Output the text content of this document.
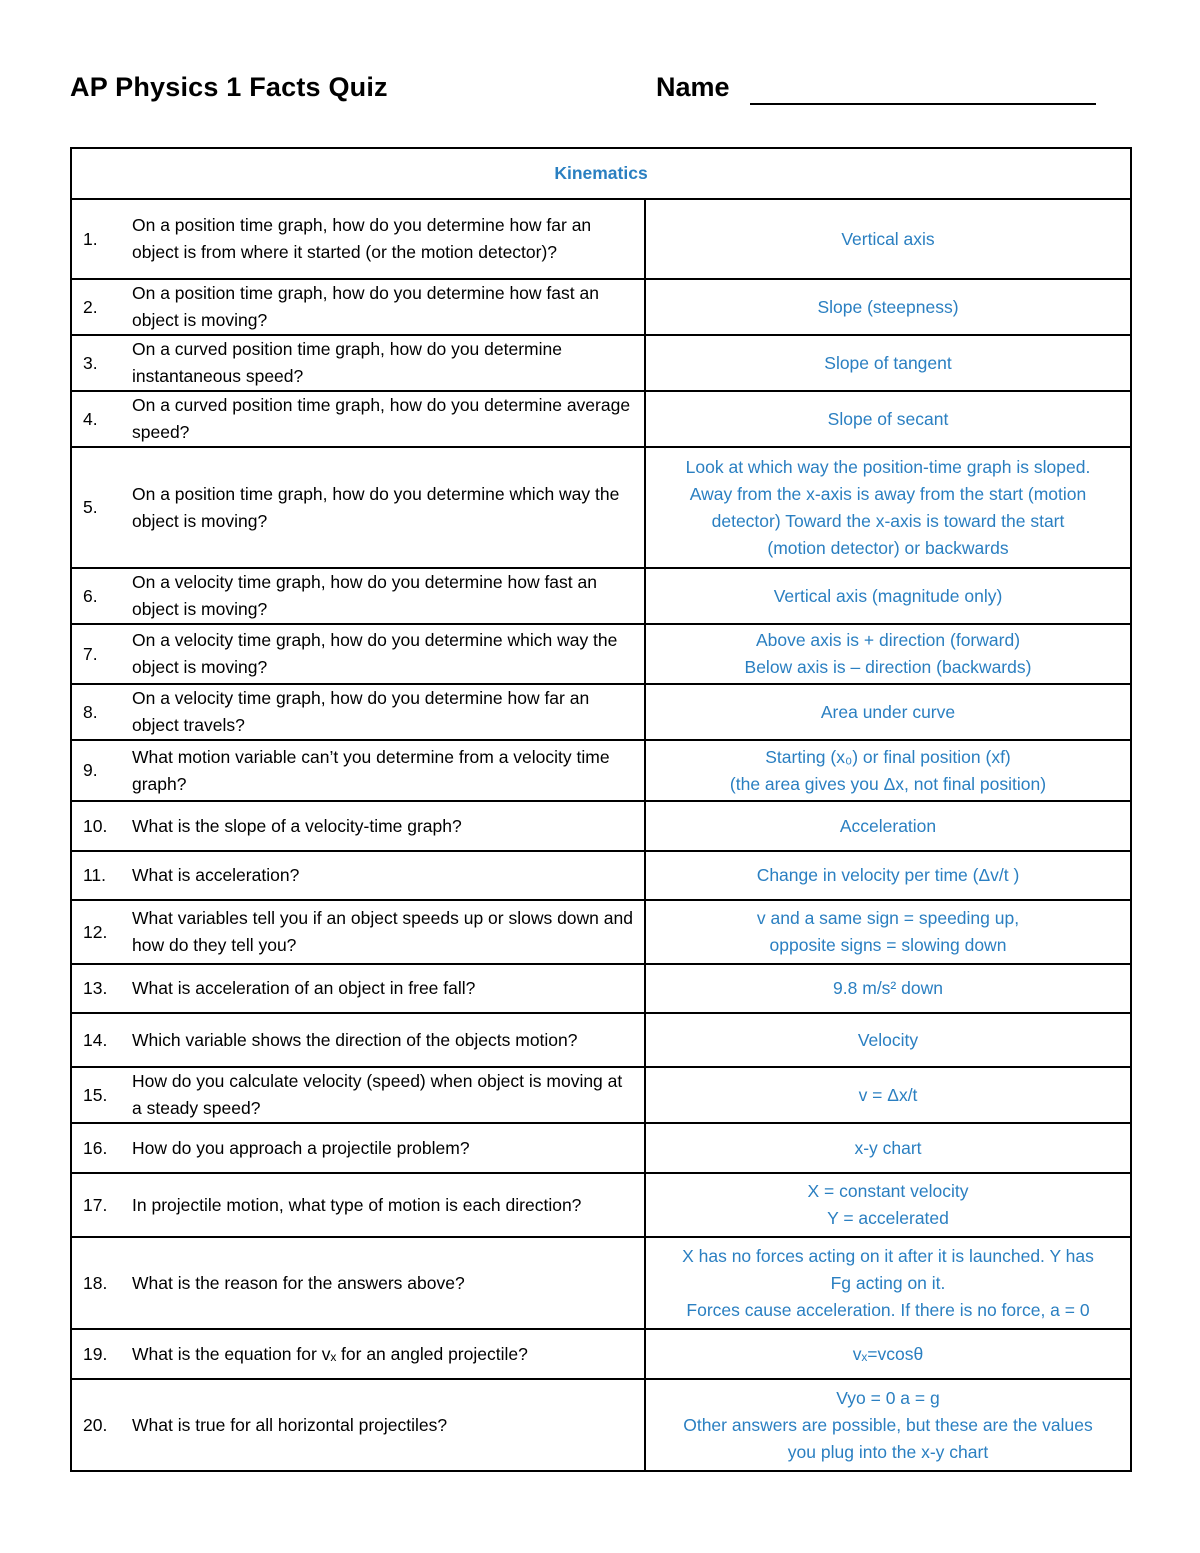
AP Physics 1 Facts Quiz	Name
Kinematics	

1.
On a position time graph, how do you determine how far an object is from where it started (or the motion detector)?	Vertical axis

2.
On a position time graph, how do you determine how fast an object is moving?	Slope (steepness)

3.
On a curved position time graph, how do you determine instantaneous speed?	Slope of tangent

4.
On a curved position time graph, how do you determine average speed?	Slope of secant

5.
On a position time graph, how do you determine which way the object is moving?	Look at which way the position-time graph is sloped.
Away from the x-axis is away from the start (motion
detector) Toward the x-axis is toward the start
(motion detector) or backwards

6.
On a velocity time graph, how do you determine how fast an object is moving?	Vertical axis (magnitude only)

7.
On a velocity time graph, how do you determine which way the object is moving?	Above axis is + direction (forward)
Below axis is – direction (backwards)

8.
On a velocity time graph, how do you determine how far an object travels?	Area under curve

9.
What motion variable can’t you determine from a velocity time graph?	Starting (x₀) or final position (xf)
(the area gives you Δx, not final position)

10. What is the slope of a velocity-time graph?	Acceleration

11. What is acceleration?	Change in velocity per time (Δv/t )

12.
What variables tell you if an object speeds up or slows down and how do they tell you?	v and a same sign = speeding up,
opposite signs = slowing down

13. What is acceleration of an object in free fall?	9.8 m/s² down

14. Which variable shows the direction of the objects motion?	Velocity

15.
How do you calculate velocity (speed) when object is moving at a steady speed?	v = Δx/t

16. How do you approach a projectile problem?	x-y chart

17. In projectile motion, what type of motion is each direction?	X = constant velocity
Y = accelerated

18. What is the reason for the answers above?	X has no forces acting on it after it is launched. Y has
Fg acting on it.
Forces cause acceleration. If there is no force, a = 0

19. What is the equation for vₓ for an angled projectile?	vₓ=vcosθ

20. What is true for all horizontal projectiles?	Vyo = 0 a = g
Other answers are possible, but these are the values
you plug into the x-y chart
